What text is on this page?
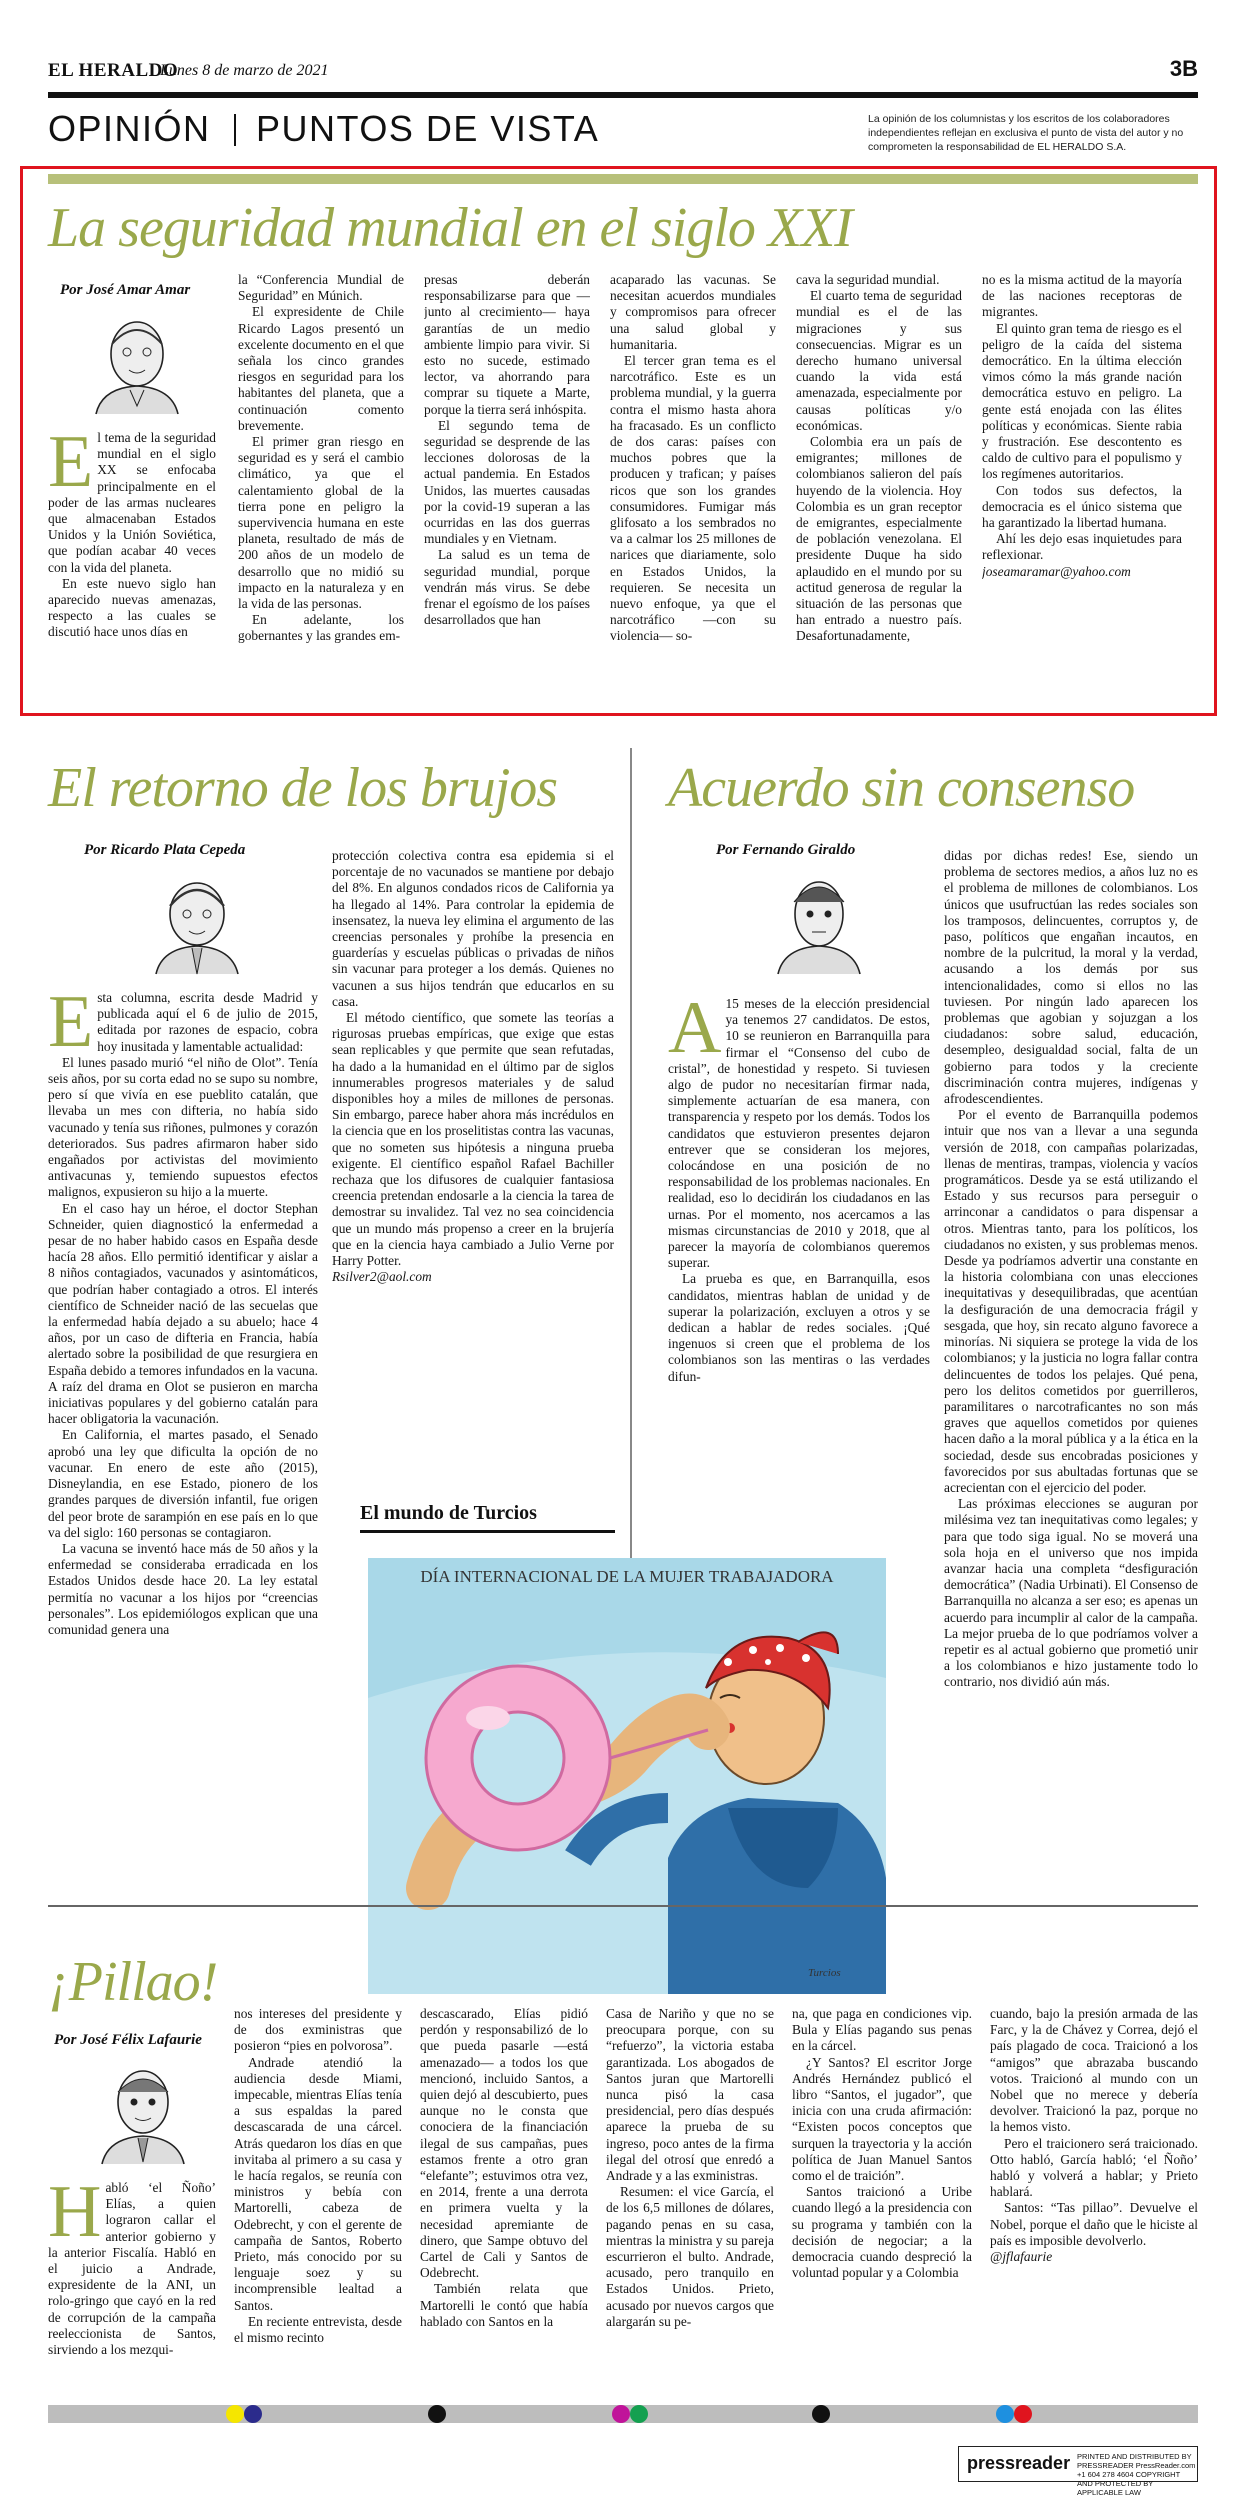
EL HERALDO
Lunes 8 de marzo de 2021	3B
OPINIÓN PUNTOS DE VISTA	La opinión de los columnistas y los escritos de los colaboradores independientes reflejan en exclusiva el punto de vista del autor y no comprometen la responsabilidad de EL HERALDO S.A.
La seguridad mundial en el siglo XXI
Por José Amar Amar

El tema de la seguridad mundial en el siglo XX se enfocaba principalmente en el poder de las armas nucleares que almacenaban Estados Unidos y la Unión Soviética, que podían acabar 40 veces con la vida del planeta.

En este nuevo siglo han aparecido nuevas amenazas, respecto a las cuales se discutió hace unos días en

la “Conferencia Mundial de Seguridad” en Múnich.

El expresidente de Chile Ricardo Lagos presentó un excelente documento en el que señala los cinco grandes riesgos en seguridad para los habitantes del planeta, que a continuación comento brevemente.

El primer gran riesgo en seguridad es y será el cambio climático, ya que el calentamiento global de la tierra pone en peligro la supervivencia humana en este planeta, resultado de más de 200 años de un modelo de desarrollo que no midió su impacto en la naturaleza y en la vida de las personas.

En adelante, los gobernantes y las grandes em-

presas deberán responsabilizarse para que —junto al crecimiento— haya garantías de un medio ambiente limpio para vivir. Si esto no sucede, estimado lector, va ahorrando para comprar su tiquete a Marte, porque la tierra será inhóspita.

El segundo tema de seguridad se desprende de las lecciones dolorosas de la actual pandemia. En Estados Unidos, las muertes causadas por la covid-19 superan a las ocurridas en las dos guerras mundiales y en Vietnam.

La salud es un tema de seguridad mundial, porque vendrán más virus. Se debe frenar el egoísmo de los países desarrollados que han

acaparado las vacunas. Se necesitan acuerdos mundiales y compromisos para ofrecer una salud global y humanitaria.

El tercer gran tema es el narcotráfico. Este es un problema mundial, y la guerra contra el mismo hasta ahora ha fracasado. Es un conflicto de dos caras: países con muchos pobres que la producen y trafican; y países ricos que son los grandes consumidores. Fumigar más glifosato a los sembrados no va a calmar los 25 millones de narices que diariamente, solo en Estados Unidos, la requieren. Se necesita un nuevo enfoque, ya que el narcotráfico —con su violencia— so-

cava la seguridad mundial.

El cuarto tema de seguridad mundial es el de las migraciones y sus consecuencias. Migrar es un derecho humano universal cuando la vida está amenazada, especialmente por causas políticas y/o económicas.

Colombia era un país de emigrantes; millones de colombianos salieron del país huyendo de la violencia. Hoy Colombia es un gran receptor de emigrantes, especialmente de población venezolana. El presidente Duque ha sido aplaudido en el mundo por su actitud generosa de regular la situación de las personas que han entrado a nuestro país. Desafortunadamente,

no es la misma actitud de la mayoría de las naciones receptoras de migrantes.

El quinto gran tema de riesgo es el peligro de la caída del sistema democrático. En la última elección vimos cómo la más grande nación democrática estuvo en peligro. La gente está enojada con las élites políticas y económicas. Siente rabia y frustración. Ese descontento es caldo de cultivo para el populismo y los regímenes autoritarios.

Con todos sus defectos, la democracia es el único sistema que ha garantizado la libertad humana.

Ahí les dejo esas inquietudes para reflexionar.

joseamaramar@yahoo.com

El retorno de los brujos
Por Ricardo Plata Cepeda

Esta columna, escrita desde Madrid y publicada aquí el 6 de julio de 2015, editada por razones de espacio, cobra hoy inusitada y lamentable actualidad:

El lunes pasado murió “el niño de Olot”. Tenía seis años, por su corta edad no se supo su nombre, pero sí que vivía en ese pueblito catalán, que llevaba un mes con difteria, no había sido vacunado y tenía sus riñones, pulmones y corazón deteriorados. Sus padres afirmaron haber sido engañados por activistas del movimiento antivacunas y, temiendo supuestos efectos malignos, expusieron su hijo a la muerte.

En el caso hay un héroe, el doctor Stephan Schneider, quien diagnosticó la enfermedad a pesar de no haber habido casos en España desde hacía 28 años. Ello permitió identificar y aislar a 8 niños contagiados, vacunados y asintomáticos, que podrían haber contagiado a otros. El interés científico de Schneider nació de las secuelas que la enfermedad había dejado a su abuelo; hace 4 años, por un caso de difteria en Francia, había alertado sobre la posibilidad de que resurgiera en España debido a temores infundados en la vacuna. A raíz del drama en Olot se pusieron en marcha iniciativas populares y del gobierno catalán para hacer obligatoria la vacunación.

En California, el martes pasado, el Senado aprobó una ley que dificulta la opción de no vacunar. En enero de este año (2015), Disneylandia, en ese Estado, pionero de los grandes parques de diversión infantil, fue origen del peor brote de sarampión en ese país en lo que va del siglo: 160 personas se contagiaron.

La vacuna se inventó hace más de 50 años y la enfermedad se consideraba erradicada en los Estados Unidos desde hace 20. La ley estatal permitía no vacunar a los hijos por “creencias personales”. Los epidemiólogos explican que una comunidad genera una

protección colectiva contra esa epidemia si el porcentaje de no vacunados se mantiene por debajo del 8%. En algunos condados ricos de California ya ha llegado al 14%. Para controlar la epidemia de insensatez, la nueva ley elimina el argumento de las creencias personales y prohíbe la presencia en guarderías y escuelas públicas o privadas de niños sin vacunar para proteger a los demás. Quienes no vacunen a sus hijos tendrán que educarlos en su casa.

El método científico, que somete las teorías a rigurosas pruebas empíricas, que exige que estas sean replicables y que permite que sean refutadas, ha dado a la humanidad en el último par de siglos innumerables progresos materiales y de salud disponibles hoy a miles de millones de personas. Sin embargo, parece haber ahora más incrédulos en la ciencia que en los proselitistas contra las vacunas, que no someten sus hipótesis a ninguna prueba exigente. El científico español Rafael Bachiller rechaza que los difusores de cualquier fantasiosa creencia pretendan endosarle a la ciencia la tarea de demostrar su invalidez. Tal vez no sea coincidencia que un mundo más propenso a creer en la brujería que en la ciencia haya cambiado a Julio Verne por Harry Potter.

Rsilver2@aol.com

Acuerdo sin consenso
Por Fernando Giraldo

A 15 meses de la elección presidencial ya tenemos 27 candidatos. De estos, 10 se reunieron en Barranquilla para firmar el “Consenso del cubo de cristal”, de honestidad y respeto. Si tuviesen algo de pudor no necesitarían firmar nada, simplemente actuarían de esa manera, con transparencia y respeto por los demás. Todos los candidatos que estuvieron presentes dejaron entrever que se consideran los mejores, colocándose en una posición de no responsabilidad de los problemas nacionales. En realidad, eso lo decidirán los ciudadanos en las urnas. Por el momento, nos acercamos a las mismas circunstancias de 2010 y 2018, que al parecer la mayoría de colombianos queremos superar.

La prueba es que, en Barranquilla, esos candidatos, mientras hablan de unidad y de superar la polarización, excluyen a otros y se dedican a hablar de redes sociales. ¡Qué ingenuos si creen que el problema de los colombianos son las mentiras o las verdades difun-

didas por dichas redes! Ese, siendo un problema de sectores medios, a años luz no es el problema de millones de colombianos. Los únicos que usufructúan las redes sociales son los tramposos, delincuentes, corruptos y, de paso, políticos que engañan incautos, en nombre de la pulcritud, la moral y la verdad, acusando a los demás por sus intencionalidades, como si ellos no las tuviesen. Por ningún lado aparecen los problemas que agobian y sojuzgan a los ciudadanos: sobre salud, educación, desempleo, desigualdad social, falta de un gobierno para todos y la creciente discriminación contra mujeres, indígenas y afrodescendientes.

Por el evento de Barranquilla podemos intuir que nos van a llevar a una segunda versión de 2018, con campañas polarizadas, llenas de mentiras, trampas, violencia y vacíos programáticos. Desde ya se está utilizando el Estado y sus recursos para perseguir o arrinconar a candidatos o para dispensar a otros. Mientras tanto, para los políticos, los ciudadanos no existen, y sus problemas menos. Desde ya podríamos advertir una constante en la historia colombiana con unas elecciones inequitativas y desequilibradas, que acentúan la desfiguración de una democracia frágil y sesgada, que hoy, sin recato alguno favorece a minorías. Ni siquiera se protege la vida de los colombianos; y la justicia no logra fallar contra delincuentes de todos los pelajes. Qué pena, pero los delitos cometidos por guerrilleros, paramilitares o narcotraficantes no son más graves que aquellos cometidos por quienes hacen daño a la moral pública y a la ética en la sociedad, desde sus encobradas posiciones y favorecidos por sus abultadas fortunas que se acrecientan con el ejercicio del poder.

Las próximas elecciones se auguran por milésima vez tan inequitativas como legales; y para que todo siga igual. No se moverá una sola hoja en el universo que nos impida avanzar hacia una completa “desfiguración democrática” (Nadia Urbinati). El Consenso de Barranquilla no alcanza a ser eso; es apenas un acuerdo para incumplir al calor de la campaña. La mejor prueba de lo que podríamos volver a repetir es al actual gobierno que prometió unir a los colombianos e hizo justamente todo lo contrario, nos dividió aún más.

El mundo de Turcios
DÍA INTERNACIONAL DE LA MUJER TRABAJADORA
Turcios
¡Pillao!
Por José Félix Lafaurie

Habló ‘el Ñoño’ Elías, a quien lograron callar el anterior gobierno y la anterior Fiscalía. Habló en el juicio a Andrade, expresidente de la ANI, un rolo-gringo que cayó en la red de corrupción de la campaña reeleccionista de Santos, sirviendo a los mezqui-

nos intereses del presidente y de dos exministras que posieron “pies en polvorosa”.

Andrade atendió la audiencia desde Miami, impecable, mientras Elías tenía a sus espaldas la pared descascarada de una cárcel. Atrás quedaron los días en que invitaba al primero a su casa y le hacía regalos, se reunía con ministros y bebía con Martorelli, cabeza de Odebrecht, y con el gerente de campaña de Santos, Roberto Prieto, más conocido por su lenguaje soez y su incomprensible lealtad a Santos.

En reciente entrevista, desde el mismo recinto

descascarado, Elías pidió perdón y responsabilizó de lo que pueda pasarle —está amenazado— a todos los que mencionó, incluido Santos, a quien dejó al descubierto, pues aunque no le consta que conociera de la financiación ilegal de sus campañas, pues estamos frente a otro gran “elefante”; estuvimos otra vez, en 2014, frente a una derrota en primera vuelta y la necesidad apremiante de dinero, que Sampe obtuvo del Cartel de Cali y Santos de Odebrecht.

También relata que Martorelli le contó que había hablado con Santos en la

Casa de Nariño y que no se preocupara porque, con su “refuerzo”, la victoria estaba garantizada. Los abogados de Santos juran que Martorelli nunca pisó la casa presidencial, pero días después aparece la prueba de su ingreso, poco antes de la firma ilegal del otrosí que enredó a Andrade y a las exministras.

Resumen: el vice García, el de los 6,5 millones de dólares, pagando penas en su casa, mientras la ministra y su pareja escurrieron el bulto. Andrade, acusado, pero tranquilo en Estados Unidos. Prieto, acusado por nuevos cargos que alargarán su pe-

na, que paga en condiciones vip. Bula y Elías pagando sus penas en la cárcel.

¿Y Santos? El escritor Jorge Andrés Hernández publicó el libro “Santos, el jugador”, que inicia con una cruda afirmación: “Existen pocos conceptos que surquen la trayectoria y la acción política de Juan Manuel Santos como el de traición”.

Santos traicionó a Uribe cuando llegó a la presidencia con su programa y también con la decisión de negociar; a la democracia cuando despreció la voluntad popular y a Colombia

cuando, bajo la presión armada de las Farc, y la de Chávez y Correa, dejó el país plagado de coca. Traicionó a los “amigos” que abrazaba buscando votos. Traicionó al mundo con un Nobel que no merece y debería devolver. Traicionó la paz, porque no la hemos visto.

Pero el traicionero será traicionado. Otto habló, García habló; ‘el Ñoño’ habló y volverá a hablar; y Prieto hablará.

Santos: “Tas pillao”. Devuelve el Nobel, porque el daño que le hiciste al país es imposible devolverlo.

@jflafaurie

pressreader PRINTED AND DISTRIBUTED BY PRESSREADER PressReader.com +1 604 278 4604 COPYRIGHT AND PROTECTED BY APPLICABLE LAW
